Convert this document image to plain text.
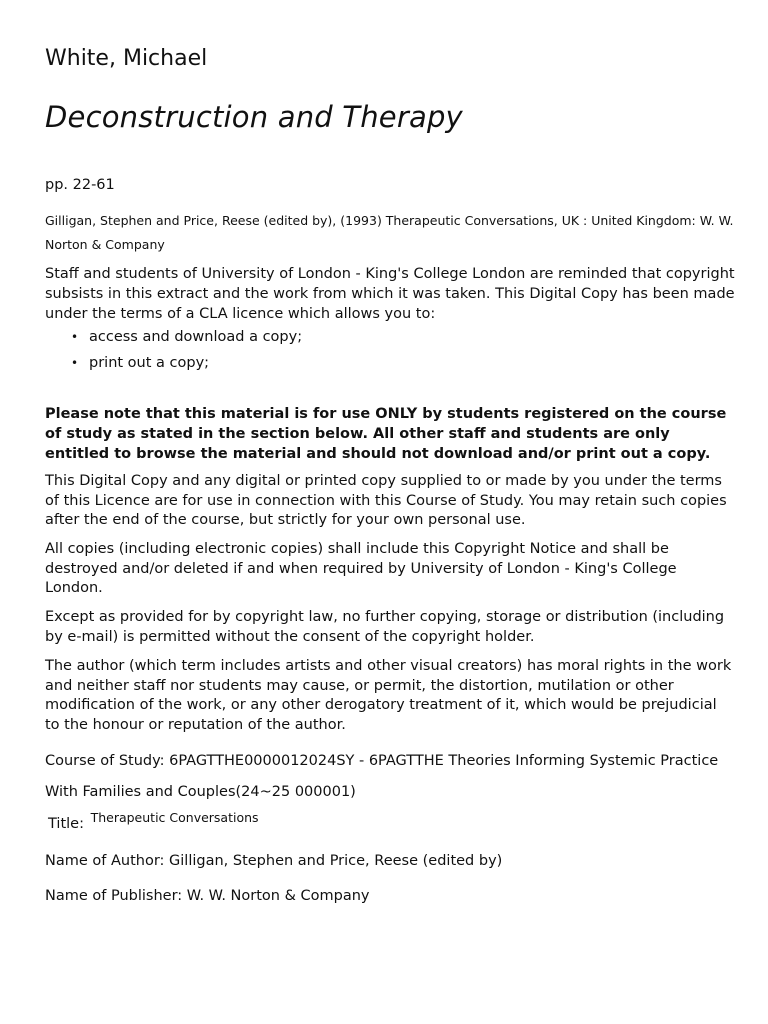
White, Michael
Deconstruction and Therapy
pp. 22-61
Gilligan, Stephen and Price, Reese (edited by), (1993) Therapeutic Conversations, UK : United Kingdom: W. W. Norton & Company

Staff and students of University of London - King's College London are reminded that copyright subsists in this extract and the work from which it was taken. This Digital Copy has been made under the terms of a CLA licence which allows you to:

• access and download a copy;
• print out a copy;

Please note that this material is for use ONLY by students registered on the course of study as stated in the section below. All other staff and students are only entitled to browse the material and should not download and/or print out a copy.

This Digital Copy and any digital or printed copy supplied to or made by you under the terms of this Licence are for use in connection with this Course of Study. You may retain such copies after the end of the course, but strictly for your own personal use.

All copies (including electronic copies) shall include this Copyright Notice and shall be destroyed and/or deleted if and when required by University of London - King's College London.

Except as provided for by copyright law, no further copying, storage or distribution (including by e-mail) is permitted without the consent of the copyright holder.

The author (which term includes artists and other visual creators) has moral rights in the work and neither staff nor students may cause, or permit, the distortion, mutilation or other modification of the work, or any other derogatory treatment of it, which would be prejudicial to the honour or reputation of the author.

Course of Study: 6PAGTTHE0000012024SY - 6PAGTTHE Theories Informing Systemic Practice With Families and Couples(24~25 000001)

Title: Therapeutic Conversations

Name of Author: Gilligan, Stephen and Price, Reese (edited by)

Name of Publisher: W. W. Norton & Company
